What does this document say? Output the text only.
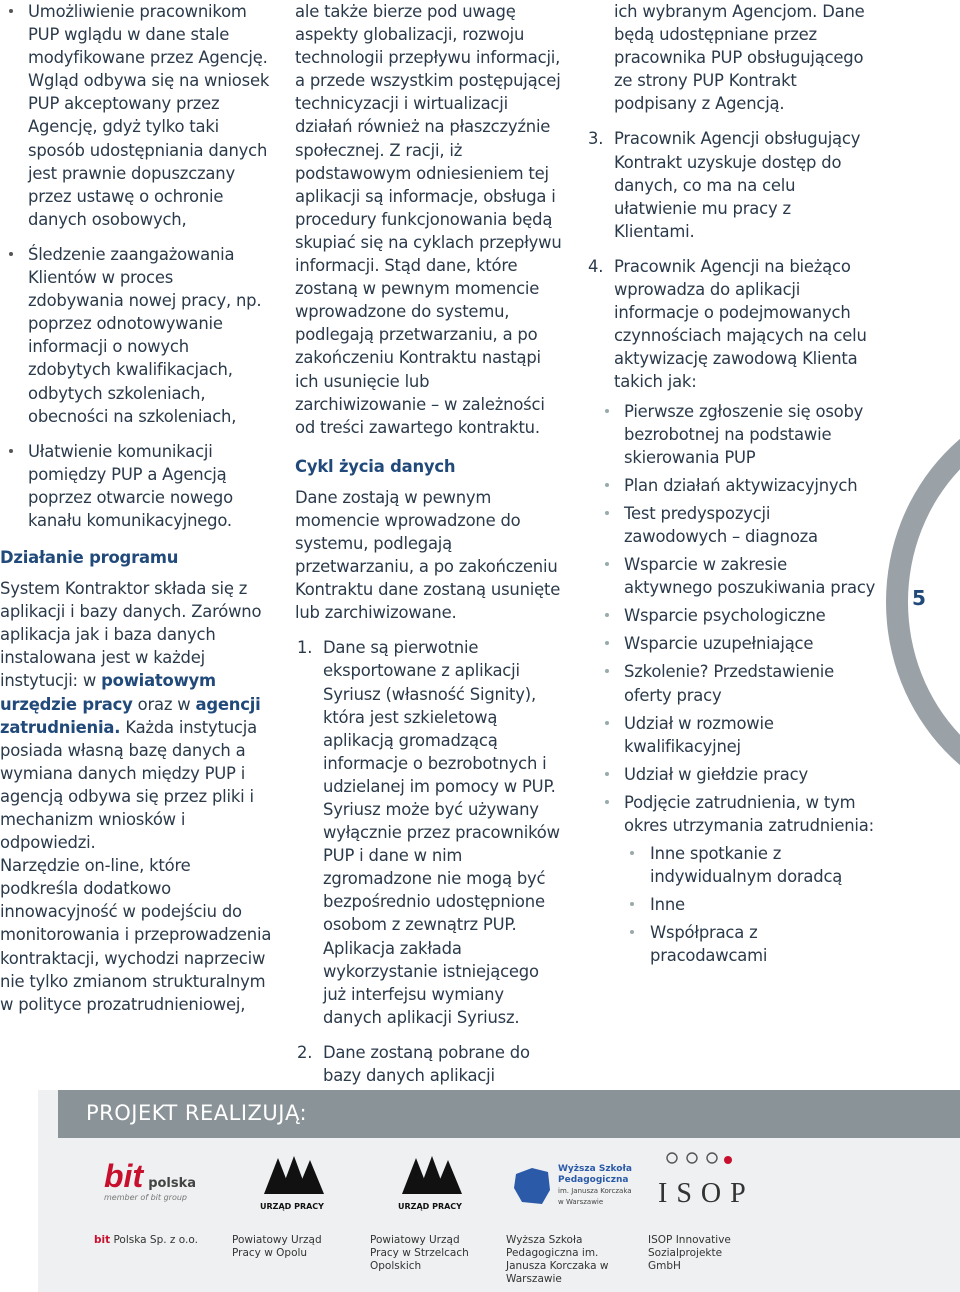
Umożliwienie pracownikom PUP wglądu w dane stale modyfikowane przez Agencję. Wgląd odbywa się na wniosek PUP akceptowany przez Agencję, gdyż tylko taki sposób udostępniania danych jest prawnie dopuszczany przez ustawę o ochronie danych osobowych,

Śledzenie zaangażowania Klientów w proces zdobywania nowej pracy, np. poprzez odnotowywanie informacji o nowych zdobytych kwalifikacjach, odbytych szkoleniach, obecności na szkoleniach,

Ułatwienie komunikacji pomiędzy PUP a Agencją poprzez otwarcie nowego kanału komunikacyjnego.

Działanie programu

System Kontraktor składa się z aplikacji i bazy danych. Zarówno aplikacja jak i baza danych instalowana jest w każdej instytucji: w powiatowym urzędzie pracy oraz w agencji zatrudnienia. Każda instytucja posiada własną bazę danych a wymiana danych między PUP i agencją odbywa się przez pliki i mechanizm wniosków i odpowiedzi.

Narzędzie on-line, które podkreśla dodatkowo innowacyjność w podejściu do monitorowania i przeprowadzenia kontraktacji, wychodzi naprzeciw nie tylko zmianom strukturalnym w polityce prozatrudnieniowej,

ale także bierze pod uwagę aspekty globalizacji, rozwoju technologii przepływu informacji, a przede wszystkim postępującej technicyzacji i wirtualizacji działań również na płaszczyźnie społecznej. Z racji, iż podstawowym odniesieniem tej aplikacji są informacje, obsługa i procedury funkcjonowania będą skupiać się na cyklach przepływu informacji. Stąd dane, które zostaną w pewnym momencie wprowadzone do systemu, podlegają przetwarzaniu, a po zakończeniu Kontraktu nastąpi ich usunięcie lub zarchiwizowanie – w zależności od treści zawartego kontraktu.

Cykl życia danych

Dane zostają w pewnym momencie wprowadzone do systemu, podlegają przetwarzaniu, a po zakończeniu Kontraktu dane zostaną usunięte lub zarchiwizowane.

1. Dane są pierwotnie eksportowane z aplikacji Syriusz (własność Signity), która jest szkieletową aplikacją gromadzącą informacje o bezrobotnych i udzielanej im pomocy w PUP. Syriusz może być używany wyłącznie przez pracowników PUP i dane w nim zgromadzone nie mogą być bezpośrednio udostępnione osobom z zewnątrz PUP. Aplikacja zakłada wykorzystanie istniejącego już interfejsu wymiany danych aplikacji Syriusz.

2. Dane zostaną pobrane do bazy danych aplikacji

ich wybranym Agencjom. Dane będą udostępniane przez pracownika PUP obsługującego ze strony PUP Kontrakt podpisany z Agencją.

3. Pracownik Agencji obsługujący Kontrakt uzyskuje dostęp do danych, co ma na celu ułatwienie mu pracy z Klientami.

4. Pracownik Agencji na bieżąco wprowadza do aplikacji informacje o podejmowanych czynnościach mających na celu aktywizację zawodową Klienta takich jak:

Pierwsze zgłoszenie się osoby bezrobotnej na podstawie skierowania PUP

Plan działań aktywizacyjnych

Test predyspozycji zawodowych – diagnoza

Wsparcie w zakresie aktywnego poszukiwania pracy

Wsparcie psychologiczne

Wsparcie uzupełniające

Szkolenie? Przedstawienie oferty pracy

Udział w rozmowie kwalifikacyjnej

Udział w giełdzie pracy

Podjęcie zatrudnienia, w tym okres utrzymania zatrudnienia:

Inne spotkanie z indywidualnym doradcą

Inne

Współpraca z pracodawcami

5
PROJEKT REALIZUJĄ:
bit polska
member of bit group
URZĄD PRACY	URZĄD PRACY
Wyższa Szkoła
Pedagogiczna
im. Janusza Korczaka
w Warszawie	I S O P
bit Polska Sp. z o.o.	Powiatowy Urząd Pracy w Opolu
Powiatowy Urząd Pracy w Strzelcach Opolskich
Wyższa Szkoła Pedagogiczna im. Janusza Korczaka w Warszawie
ISOP Innovative Sozialprojekte GmbH
